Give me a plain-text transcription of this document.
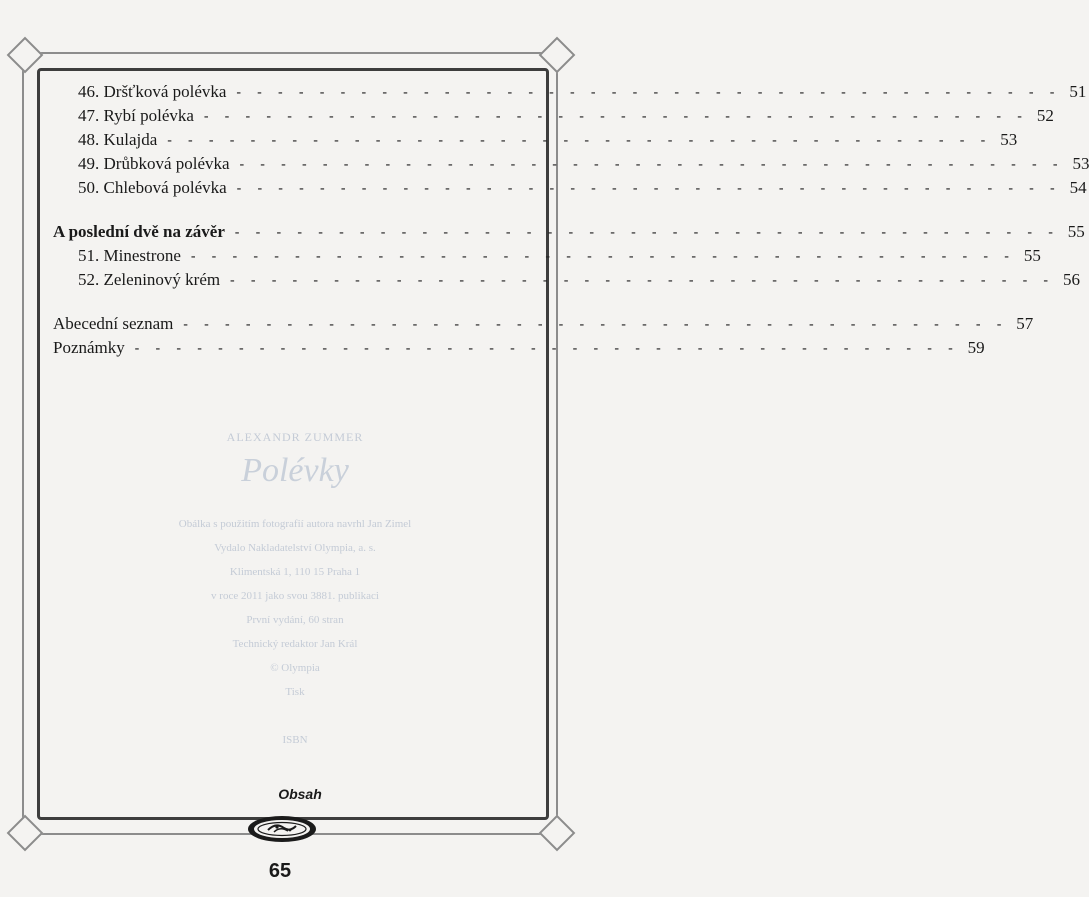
ALEXANDR ZUMMER
Polévky
Obálka s použitím fotografií autora navrhl Jan Zimel
Vydalo Nakladatelství Olympia, a. s.
Klimentská 1, 110 15 Praha 1
v roce 2011 jako svou 3881. publikaci
První vydání, 60 stran
Technický redaktor Jan Král
© Olympia
Tisk
ISBN
46. Dršťková polévka - - - - - - - - - - - - - - - - - - - - - - - - - - - - - - - - - - - - - - - - 51
47. Rybí polévka - - - - - - - - - - - - - - - - - - - - - - - - - - - - - - - - - - - - - - - - 52
48. Kulajda - - - - - - - - - - - - - - - - - - - - - - - - - - - - - - - - - - - - - - - - 53
49. Drůbková polévka - - - - - - - - - - - - - - - - - - - - - - - - - - - - - - - - - - - - - - - - 53
50. Chlebová polévka - - - - - - - - - - - - - - - - - - - - - - - - - - - - - - - - - - - - - - - - 54
A poslední dvě na závěr - - - - - - - - - - - - - - - - - - - - - - - - - - - - - - - - - - - - - - - - 55
51. Minestrone - - - - - - - - - - - - - - - - - - - - - - - - - - - - - - - - - - - - - - - - 55
52. Zeleninový krém - - - - - - - - - - - - - - - - - - - - - - - - - - - - - - - - - - - - - - - - 56
Abecední seznam - - - - - - - - - - - - - - - - - - - - - - - - - - - - - - - - - - - - - - - - 57
Poznámky - - - - - - - - - - - - - - - - - - - - - - - - - - - - - - - - - - - - - - - - 59
Obsah
65
